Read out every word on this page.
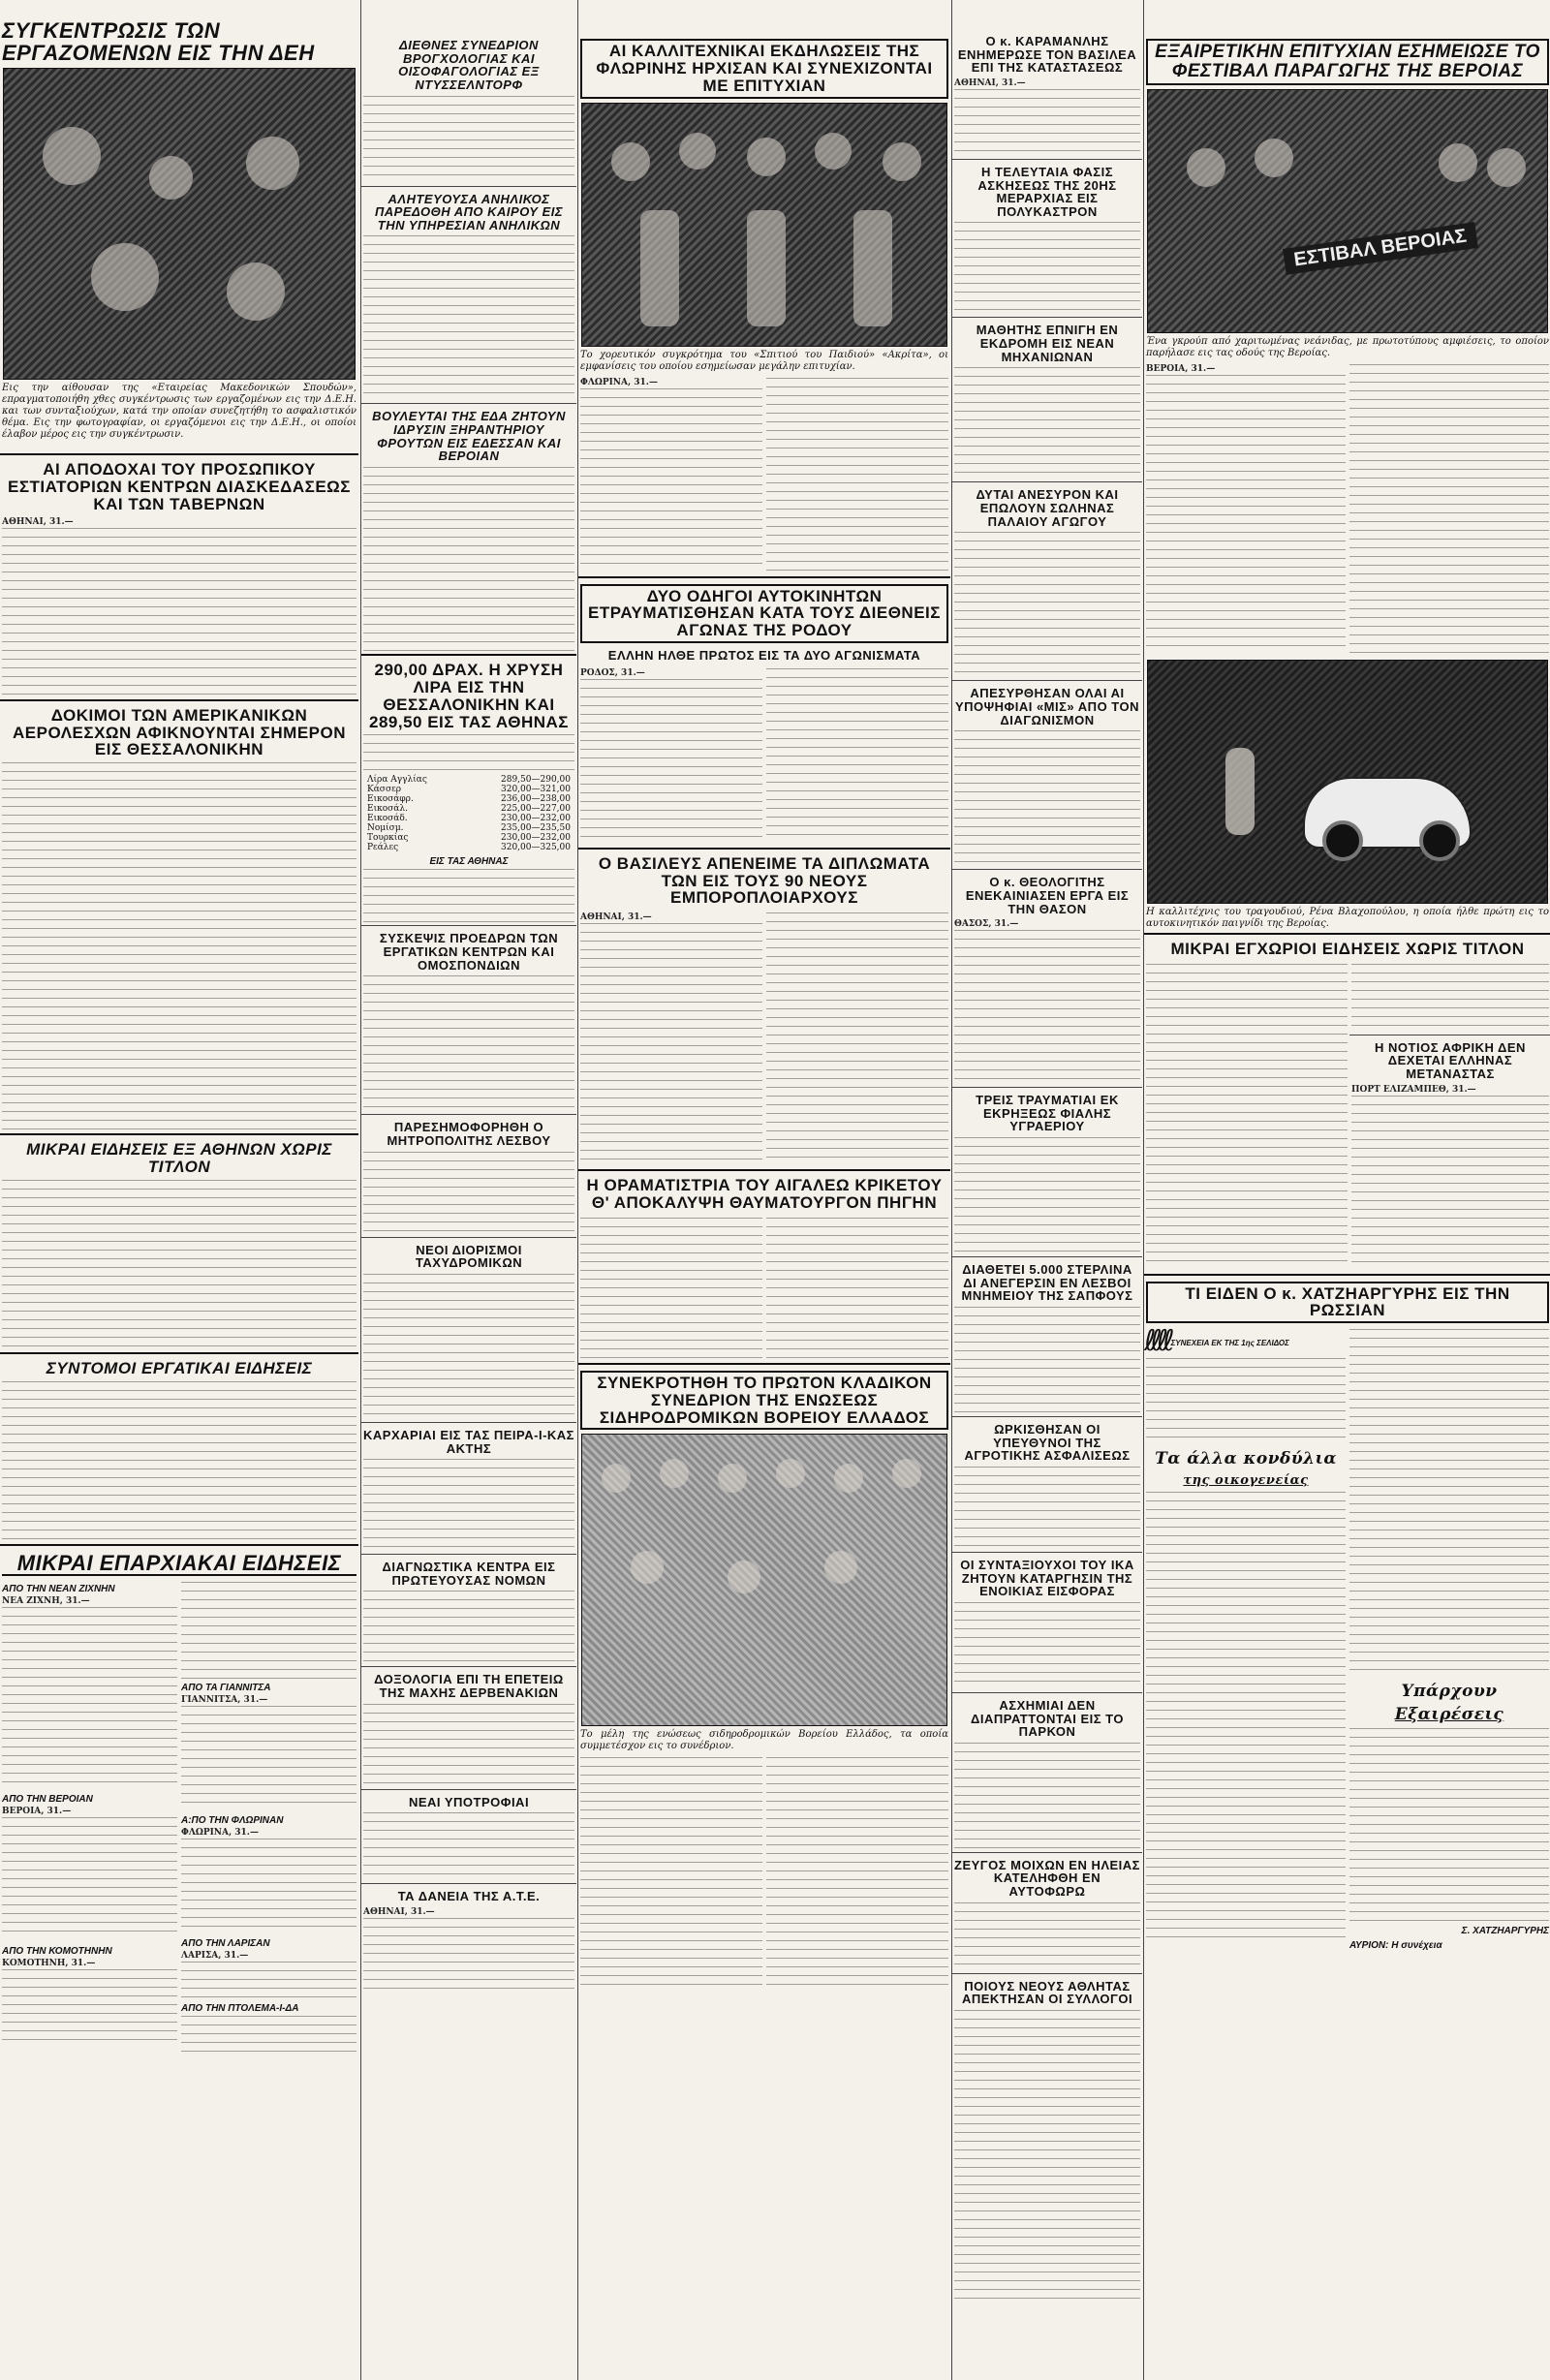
ΣΥΓΚΕΝΤΡΩΣΙΣ ΤΩΝ ΕΡΓΑΖΟΜΕΝΩΝ ΕΙΣ ΤΗΝ ΔΕΗ
Εις την αίθουσαν της «Εταιρείας Μακεδονικών Σπουδών», επραγματοποιήθη χθες συγκέντρωσις των εργαζομένων εις την Δ.Ε.Η. και των συνταξιούχων, κατά την οποίαν συνεζητήθη το ασφαλιστικόν θέμα. Εις την φωτογραφίαν, οι εργαζόμενοι εις την Δ.Ε.Η., οι οποίοι έλαβον μέρος εις την συγκέντρωσιν.
ΑΙ ΑΠΟΔΟΧΑΙ ΤΟΥ ΠΡΟΣΩΠΙΚΟΥ ΕΣΤΙΑΤΟΡΙΩΝ ΚΕΝΤΡΩΝ ΔΙΑΣΚΕΔΑΣΕΩΣ ΚΑΙ ΤΩΝ ΤΑΒΕΡΝΩΝ
ΑΘΗΝΑΙ, 31.—
ΔΟΚΙΜΟΙ ΤΩΝ ΑΜΕΡΙΚΑΝΙΚΩΝ ΑΕΡΟΛΕΣΧΩΝ ΑΦΙΚΝΟΥΝΤΑΙ ΣΗΜΕΡΟΝ ΕΙΣ ΘΕΣΣΑΛΟΝΙΚΗΝ
ΜΙΚΡΑΙ ΕΙΔΗΣΕΙΣ ΕΞ ΑΘΗΝΩΝ ΧΩΡΙΣ ΤΙΤΛΟΝ
ΣΥΝΤΟΜΟΙ ΕΡΓΑΤΙΚΑΙ ΕΙΔΗΣΕΙΣ
ΜΙΚΡΑΙ ΕΠΑΡΧΙΑΚΑΙ ΕΙΔΗΣΕΙΣ
ΑΠΟ ΤΗΝ ΝΕΑΝ ΖΙΧΝΗΝ
ΝΕΑ ΖΙΧΝΗ, 31.—
ΑΠΟ ΤΗΝ ΒΕΡΟΙΑΝ
ΒΕΡΟΙΑ, 31.—
ΑΠΟ ΤΗΝ ΚΟΜΟΤΗΝΗΝ
ΚΟΜΟΤΗΝΗ, 31.—
ΑΠΟ ΤΑ ΓΙΑΝΝΙΤΣΑ
ΓΙΑΝΝΙΤΣΑ, 31.—
Α:ΠΟ ΤΗΝ ΦΛΩΡΙΝΑΝ
ΦΛΩΡΙΝΑ, 31.—
ΑΠΟ ΤΗΝ ΛΑΡΙΣΑΝ
ΛΑΡΙΣΑ, 31.—
ΑΠΟ ΤΗΝ ΠΤΟΛΕΜΑ-Ι-ΔΑ
ΔΙΕΘΝΕΣ ΣΥΝΕΔΡΙΟΝ ΒΡΟΓΧΟΛΟΓΙΑΣ ΚΑΙ ΟΙΣΟΦΑΓΟΛΟΓΙΑΣ ΕΞ ΝΤΥΣΣΕΛΝΤΟΡΦ
ΑΛΗΤΕΥΟΥΣΑ ΑΝΗΛΙΚΟΣ ΠΑΡΕΔΟΘΗ ΑΠΟ ΚΑΙΡΟΥ ΕΙΣ ΤΗΝ ΥΠΗΡΕΣΙΑΝ ΑΝΗΛΙΚΩΝ
ΒΟΥΛΕΥΤΑΙ ΤΗΣ ΕΔΑ ΖΗΤΟΥΝ ΙΔΡΥΣΙΝ ΞΗΡΑΝΤΗΡΙΟΥ ΦΡΟΥΤΩΝ ΕΙΣ ΕΔΕΣΣΑΝ ΚΑΙ ΒΕΡΟΙΑΝ
290,00 ΔΡΑΧ. Η ΧΡΥΣΗ ΛΙΡΑ ΕΙΣ ΤΗΝ ΘΕΣΣΑΛΟΝΙΚΗΝ ΚΑΙ 289,50 ΕΙΣ ΤΑΣ ΑΘΗΝΑΣ
Λίρα Αγγλίας	289,50—290,00
Κάσσερ	320,00—321,00
Εικοσάφρ.	236,00—238,00
Εικοσάλ.	225,00—227,00
Εικοσάδ.	230,00—232,00
Νομίσμ.	235,00—235,50
Τουρκίας	230,00—232,00
Ρεάλες	320,00—325,00
ΕΙΣ ΤΑΣ ΑΘΗΝΑΣ
ΣΥΣΚΕΨΙΣ ΠΡΟΕΔΡΩΝ ΤΩΝ ΕΡΓΑΤΙΚΩΝ ΚΕΝΤΡΩΝ ΚΑΙ ΟΜΟΣΠΟΝΔΙΩΝ
ΠΑΡΕΣΗΜΟΦΟΡΗΘΗ Ο ΜΗΤΡΟΠΟΛΙΤΗΣ ΛΕΣΒΟΥ
ΝΕΟΙ ΔΙΟΡΙΣΜΟΙ ΤΑΧΥΔΡΟΜΙΚΩΝ
ΚΑΡΧΑΡΙΑΙ ΕΙΣ ΤΑΣ ΠΕΙΡΑ-Ι-ΚΑΣ ΑΚΤΗΣ
ΔΙΑΓΝΩΣΤΙΚΑ ΚΕΝΤΡΑ ΕΙΣ ΠΡΩΤΕΥΟΥΣΑΣ ΝΟΜΩΝ
ΔΟΞΟΛΟΓΙΑ ΕΠΙ ΤΗ ΕΠΕΤΕΙΩ ΤΗΣ ΜΑΧΗΣ ΔΕΡΒΕΝΑΚΙΩΝ
ΝΕΑΙ ΥΠΟΤΡΟΦΙΑΙ
ΤΑ ΔΑΝΕΙΑ ΤΗΣ Α.Τ.Ε.
ΑΘΗΝΑΙ, 31.—
ΑΙ ΚΑΛΛΙΤΕΧΝΙΚΑΙ ΕΚΔΗΛΩΣΕΙΣ ΤΗΣ ΦΛΩΡΙΝΗΣ ΗΡΧΙΣΑΝ ΚΑΙ ΣΥΝΕΧΙΖΟΝΤΑΙ ΜΕ ΕΠΙΤΥΧΙΑΝ
Το χορευτικόν συγκρότημα του «Σπιτιού του Παιδιού» «Ακρίτα», οι εμφανίσεις του οποίου εσημείωσαν μεγάλην επιτυχίαν.
ΦΛΩΡΙΝΑ, 31.—
ΔΥΟ ΟΔΗΓΟΙ ΑΥΤΟΚΙΝΗΤΩΝ ΕΤΡΑΥΜΑΤΙΣΘΗΣΑΝ ΚΑΤΑ ΤΟΥΣ ΔΙΕΘΝΕΙΣ ΑΓΩΝΑΣ ΤΗΣ ΡΟΔΟΥ
ΕΛΛΗΝ ΗΛΘΕ ΠΡΩΤΟΣ ΕΙΣ ΤΑ ΔΥΟ ΑΓΩΝΙΣΜΑΤΑ
ΡΟΔΟΣ, 31.—
Ο ΒΑΣΙΛΕΥΣ ΑΠΕΝΕΙΜΕ ΤΑ ΔΙΠΛΩΜΑΤΑ ΤΩΝ ΕΙΣ ΤΟΥΣ 90 ΝΕΟΥΣ ΕΜΠΟΡΟΠΛΟΙΑΡΧΟΥΣ
ΑΘΗΝΑΙ, 31.—
Η ΟΡΑΜΑΤΙΣΤΡΙΑ ΤΟΥ ΑΙΓΑΛΕΩ ΚΡΙΚΕΤΟΥ Θ' ΑΠΟΚΑΛΥΨΗ ΘΑΥΜΑΤΟΥΡΓΟΝ ΠΗΓΗΝ
ΣΥΝΕΚΡΟΤΗΘΗ ΤΟ ΠΡΩΤΟΝ ΚΛΑΔΙΚΟΝ ΣΥΝΕΔΡΙΟΝ ΤΗΣ ΕΝΩΣΕΩΣ ΣΙΔΗΡΟΔΡΟΜΙΚΩΝ ΒΟΡΕΙΟΥ ΕΛΛΑΔΟΣ
Το μέλη της ενώσεως σιδηροδρομικών Βορείου Ελλάδος, τα οποία συμμετέσχον εις το συνέδριον.
Ο κ. ΚΑΡΑΜΑΝΛΗΣ ΕΝΗΜΕΡΩΣΕ ΤΟΝ ΒΑΣΙΛΕΑ ΕΠΙ ΤΗΣ ΚΑΤΑΣΤΑΣΕΩΣ
ΑΘΗΝΑΙ, 31.—
Η ΤΕΛΕΥΤΑΙΑ ΦΑΣΙΣ ΑΣΚΗΣΕΩΣ ΤΗΣ 20ΗΣ ΜΕΡΑΡΧΙΑΣ ΕΙΣ ΠΟΛΥΚΑΣΤΡΟΝ
ΜΑΘΗΤΗΣ ΕΠΝΙΓΗ ΕΝ ΕΚΔΡΟΜΗ ΕΙΣ ΝΕΑΝ ΜΗΧΑΝΙΩΝΑΝ
ΔΥΤΑΙ ΑΝΕΣΥΡΟΝ ΚΑΙ ΕΠΩΛΟΥΝ ΣΩΛΗΝΑΣ ΠΑΛΑΙΟΥ ΑΓΩΓΟΥ
ΑΠΕΣΥΡΘΗΣΑΝ ΟΛΑΙ ΑΙ ΥΠΟΨΗΦΙΑΙ «ΜΙΣ» ΑΠΟ ΤΟΝ ΔΙΑΓΩΝΙΣΜΟΝ
Ο κ. ΘΕΟΛΟΓΙΤΗΣ ΕΝΕΚΑΙΝΙΑΣΕΝ ΕΡΓΑ ΕΙΣ ΤΗΝ ΘΑΣΟΝ
ΘΑΣΟΣ, 31.—
ΤΡΕΙΣ ΤΡΑΥΜΑΤΙΑΙ ΕΚ ΕΚΡΗΞΕΩΣ ΦΙΑΛΗΣ ΥΓΡΑΕΡΙΟΥ
ΔΙΑΘΕΤΕΙ 5.000 ΣΤΕΡΛΙΝΑ ΔΙ ΑΝΕΓΕΡΣΙΝ ΕΝ ΛΕΣΒΟΙ ΜΝΗΜΕΙΟΥ ΤΗΣ ΣΑΠΦΟΥΣ
ΩΡΚΙΣΘΗΣΑΝ ΟΙ ΥΠΕΥΘΥΝΟΙ ΤΗΣ ΑΓΡΟΤΙΚΗΣ ΑΣΦΑΛΙΣΕΩΣ
ΟΙ ΣΥΝΤΑΞΙΟΥΧΟΙ ΤΟΥ ΙΚΑ ΖΗΤΟΥΝ ΚΑΤΑΡΓΗΣΙΝ ΤΗΣ ΕΝΟΙΚΙΑΣ ΕΙΣΦΟΡΑΣ
ΑΣΧΗΜΙΑΙ ΔΕΝ ΔΙΑΠΡΑΤΤΟΝΤΑΙ ΕΙΣ ΤΟ ΠΑΡΚΟΝ
ΖΕΥΓΟΣ ΜΟΙΧΩΝ ΕΝ ΗΛΕΙΑΣ ΚΑΤΕΛΗΦΘΗ ΕΝ ΑΥΤΟΦΩΡΩ
ΠΟΙΟΥΣ ΝΕΟΥΣ ΑΘΛΗΤΑΣ ΑΠΕΚΤΗΣΑΝ ΟΙ ΣΥΛΛΟΓΟΙ
ΕΞΑΙΡΕΤΙΚΗΝ ΕΠΙΤΥΧΙΑΝ ΕΣΗΜΕΙΩΣΕ ΤΟ ΦΕΣΤΙΒΑΛ ΠΑΡΑΓΩΓΗΣ ΤΗΣ ΒΕΡΟΙΑΣ
ΕΣΤΙΒΑΛ ΒΕΡΟΙΑΣ
Ένα γκρούπ από χαριτωμένας νεάνιδας, με πρωτοτύπους αμφιέσεις, το οποίον παρήλασε εις τας οδούς της Βεροίας.
ΒΕΡΟΙΑ, 31.—
Η καλλιτέχνις του τραγουδιού, Ρένα Βλαχοπούλου, η οποία ήλθε πρώτη εις το αυτοκινητικόν παιγνίδι της Βεροίας.
ΜΙΚΡΑΙ ΕΓΧΩΡΙΟΙ ΕΙΔΗΣΕΙΣ ΧΩΡΙΣ ΤΙΤΛΟΝ
Η ΝΟΤΙΟΣ ΑΦΡΙΚΗ ΔΕΝ ΔΕΧΕΤΑΙ ΕΛΛΗΝΑΣ ΜΕΤΑΝΑΣΤΑΣ
ΠΟΡΤ ΕΛΙΖΑΜΠΕΘ, 31.—
ΤΙ ΕΙΔΕΝ Ο κ. ΧΑΤΖΗΑΡΓΥΡΗΣ ΕΙΣ ΤΗΝ ΡΩΣΣΙΑΝ
ℓℓℓℓ ΣΥΝΕΧΕΙΑ ΕΚ ΤΗΣ 1ης ΣΕΛΙΔΟΣ
Τα άλλα κονδύλια
της οικογενείας
Υπάρχουν
Εξαιρέσεις
Σ. ΧΑΤΖΗΑΡΓΥΡΗΣ
ΑΥΡΙΟΝ: Η συνέχεια
